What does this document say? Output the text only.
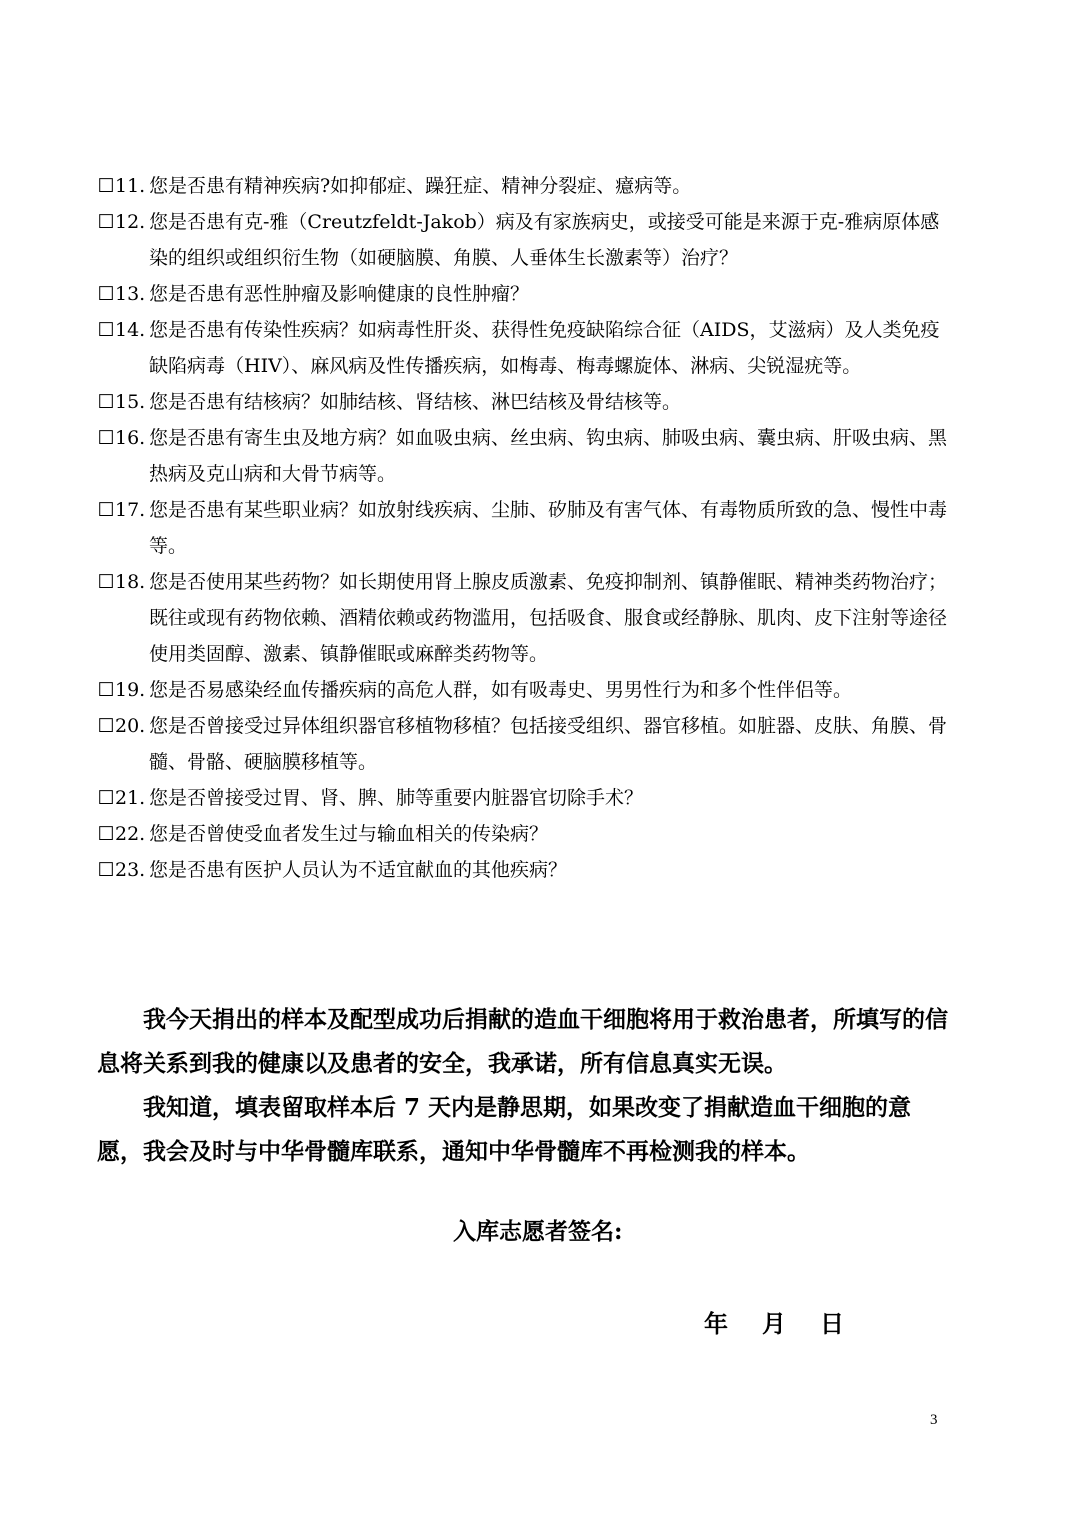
☐ 11. 您是否患有精神疾病?如抑郁症、躁狂症、精神分裂症、癔病等。
☐ 12. 您是否患有克-雅（Creutzfeldt-Jakob）病及有家族病史，或接受可能是来源于克-雅病原体感染的组织或组织衍生物（如硬脑膜、角膜、人垂体生长激素等）治疗？
☐ 13. 您是否患有恶性肿瘤及影响健康的良性肿瘤？
☐ 14. 您是否患有传染性疾病？如病毒性肝炎、获得性免疫缺陷综合征（AIDS，艾滋病）及人类免疫缺陷病毒（HIV）、麻风病及性传播疾病，如梅毒、梅毒螺旋体、淋病、尖锐湿疣等。
☐ 15. 您是否患有结核病？如肺结核、肾结核、淋巴结核及骨结核等。
☐ 16. 您是否患有寄生虫及地方病？如血吸虫病、丝虫病、钩虫病、肺吸虫病、囊虫病、肝吸虫病、黑热病及克山病和大骨节病等。
☐ 17. 您是否患有某些职业病？如放射线疾病、尘肺、矽肺及有害气体、有毒物质所致的急、慢性中毒等。
☐ 18. 您是否使用某些药物？如长期使用肾上腺皮质激素、免疫抑制剂、镇静催眠、精神类药物治疗；既往或现有药物依赖、酒精依赖或药物滥用，包括吸食、服食或经静脉、肌肉、皮下注射等途径使用类固醇、激素、镇静催眠或麻醉类药物等。
☐ 19. 您是否易感染经血传播疾病的高危人群，如有吸毒史、男男性行为和多个性伴侣等。
☐ 20. 您是否曾接受过异体组织器官移植物移植？包括接受组织、器官移植。如脏器、皮肤、角膜、骨髓、骨骼、硬脑膜移植等。
☐ 21. 您是否曾接受过胃、肾、脾、肺等重要内脏器官切除手术？
☐ 22. 您是否曾使受血者发生过与输血相关的传染病？
☐ 23. 您是否患有医护人员认为不适宜献血的其他疾病？

我今天捐出的样本及配型成功后捐献的造血干细胞将用于救治患者，所填写的信息将关系到我的健康以及患者的安全，我承诺，所有信息真实无误。

我知道，填表留取样本后 7 天内是静思期，如果改变了捐献造血干细胞的意愿，我会及时与中华骨髓库联系，通知中华骨髓库不再检测我的样本。

入库志愿者签名:
年 月 日
3
